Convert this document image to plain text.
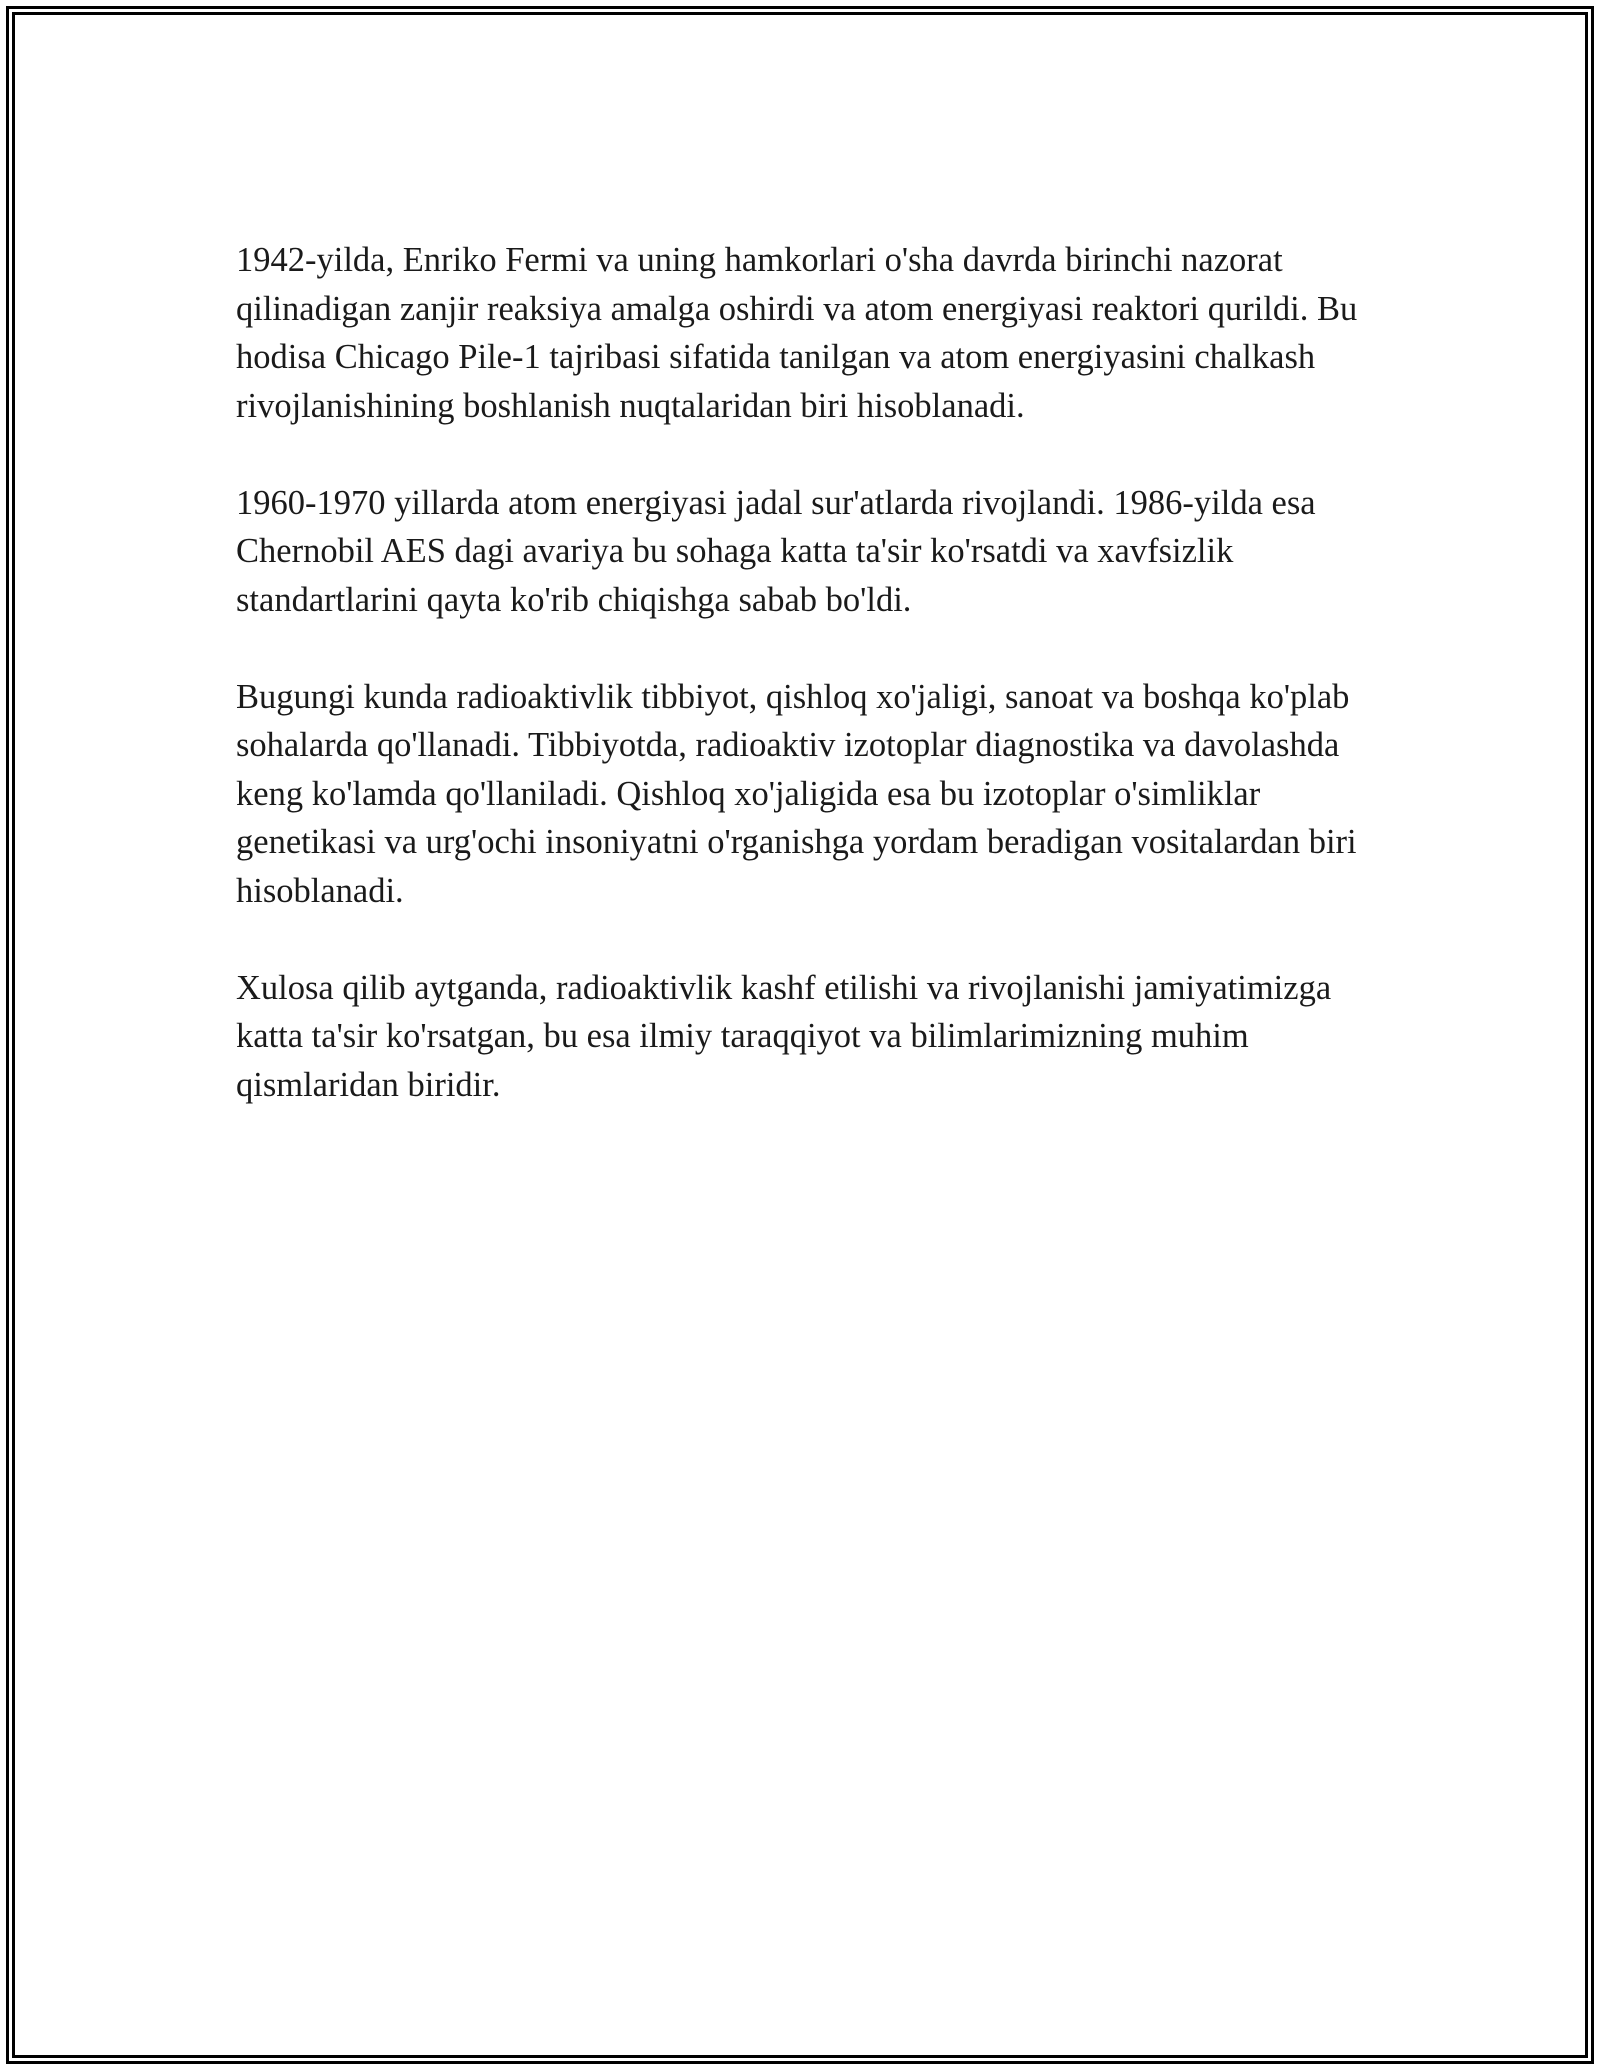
1942-yilda, Enriko Fermi va uning hamkorlari o'sha davrda birinchi nazorat qilinadigan zanjir reaksiya amalga oshirdi va atom energiyasi reaktori qurildi. Bu hodisa Chicago Pile-1 tajribasi sifatida tanilgan va atom energiyasini chalkash rivojlanishining boshlanish nuqtalaridan biri hisoblanadi.

1960-1970 yillarda atom energiyasi jadal sur'atlarda rivojlandi. 1986-yilda esa Chernobil AES dagi avariya bu sohaga katta ta'sir ko'rsatdi va xavfsizlik standartlarini qayta ko'rib chiqishga sabab bo'ldi.

Bugungi kunda radioaktivlik tibbiyot, qishloq xo'jaligi, sanoat va boshqa ko'plab sohalarda qo'llanadi. Tibbiyotda, radioaktiv izotoplar diagnostika va davolashda keng ko'lamda qo'llaniladi. Qishloq xo'jaligida esa bu izotoplar o'simliklar genetikasi va urg'ochi insoniyatni o'rganishga yordam beradigan vositalardan biri hisoblanadi.

Xulosa qilib aytganda, radioaktivlik kashf etilishi va rivojlanishi jamiyatimizga katta ta'sir ko'rsatgan, bu esa ilmiy taraqqiyot va bilimlarimizning muhim qismlaridan biridir.
